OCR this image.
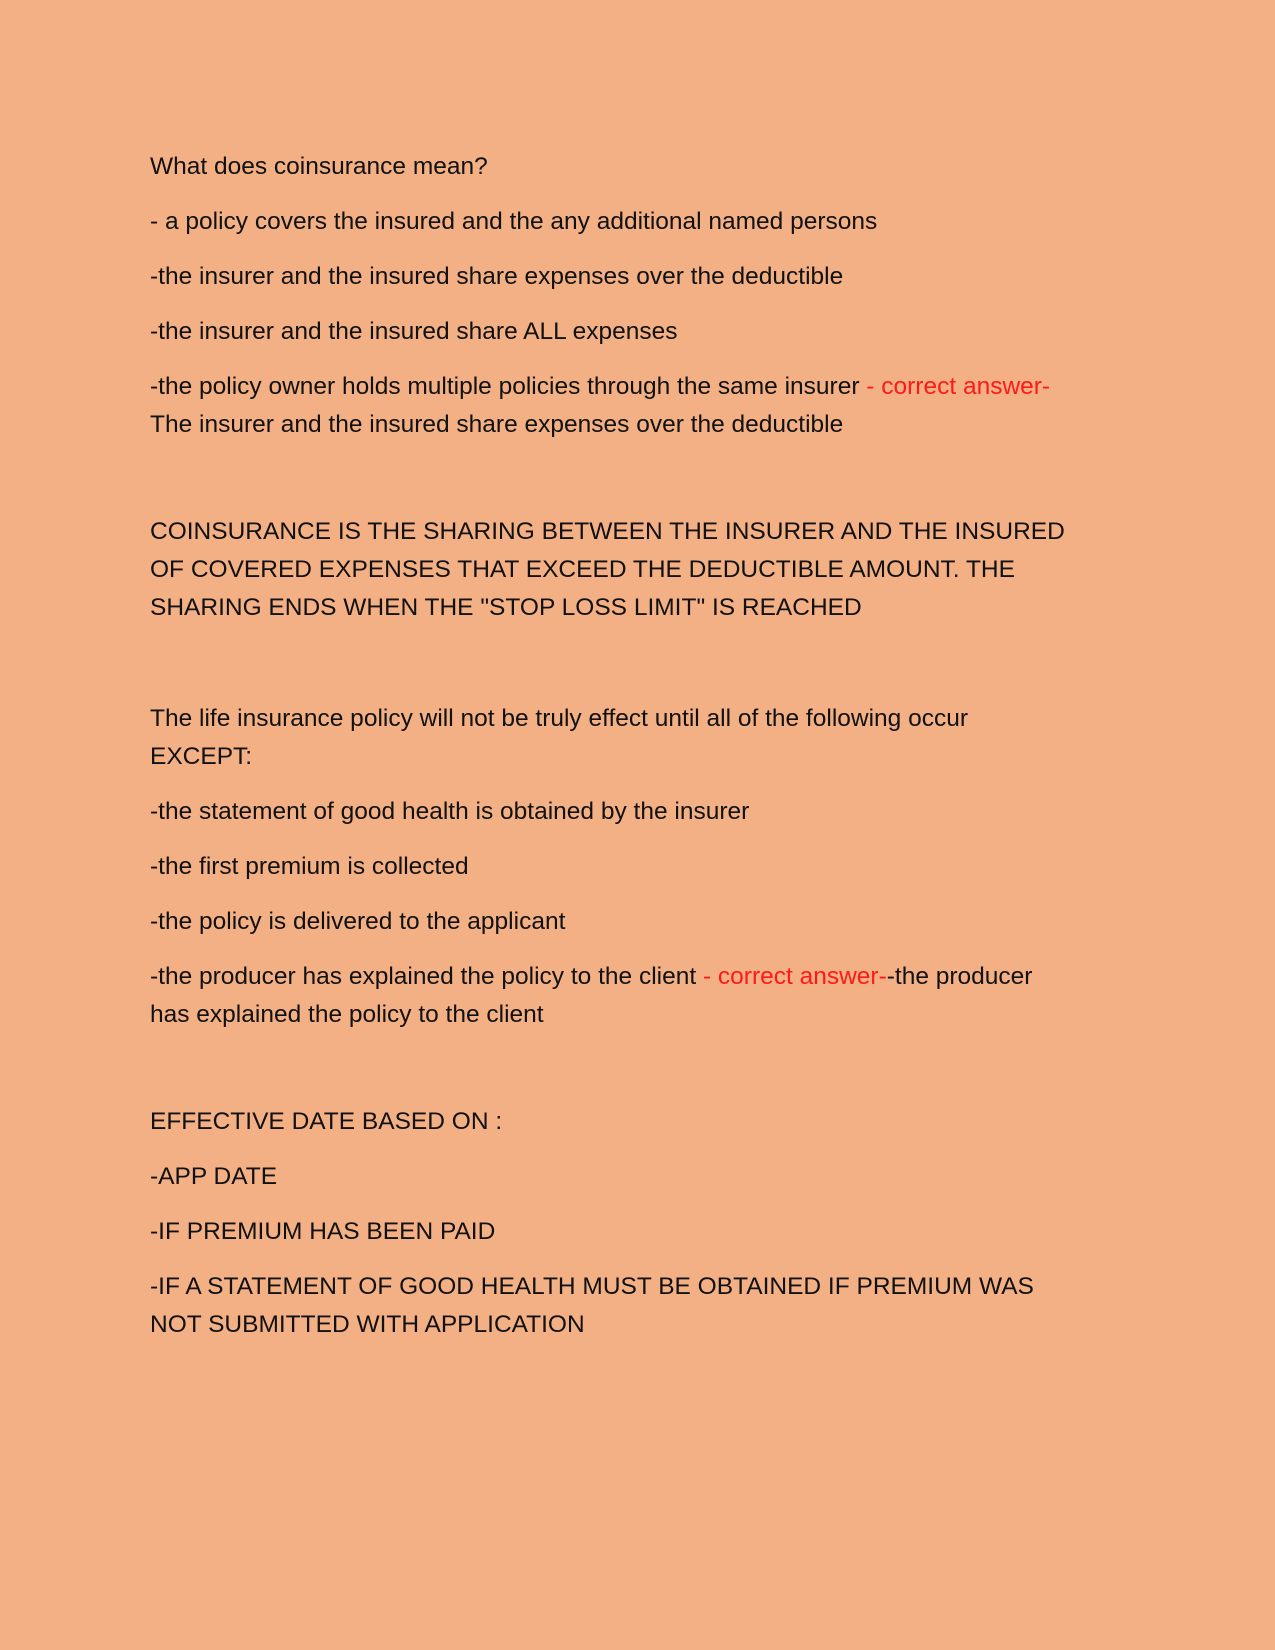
What does coinsurance mean?

- a policy covers the insured and the any additional named persons

-the insurer and the insured share expenses over the deductible

-the insurer and the insured share ALL expenses

-the policy owner holds multiple policies through the same insurer - correct answer-The insurer and the insured share expenses over the deductible

COINSURANCE IS THE SHARING BETWEEN THE INSURER AND THE INSURED OF COVERED EXPENSES THAT EXCEED THE DEDUCTIBLE AMOUNT. THE SHARING ENDS WHEN THE "STOP LOSS LIMIT" IS REACHED

The life insurance policy will not be truly effect until all of the following occur EXCEPT:

-the statement of good health is obtained by the insurer

-the first premium is collected

-the policy is delivered to the applicant

-the producer has explained the policy to the client - correct answer--the producer has explained the policy to the client

EFFECTIVE DATE BASED ON :

-APP DATE

-IF PREMIUM HAS BEEN PAID

-IF A STATEMENT OF GOOD HEALTH MUST BE OBTAINED IF PREMIUM WAS NOT SUBMITTED WITH APPLICATION
